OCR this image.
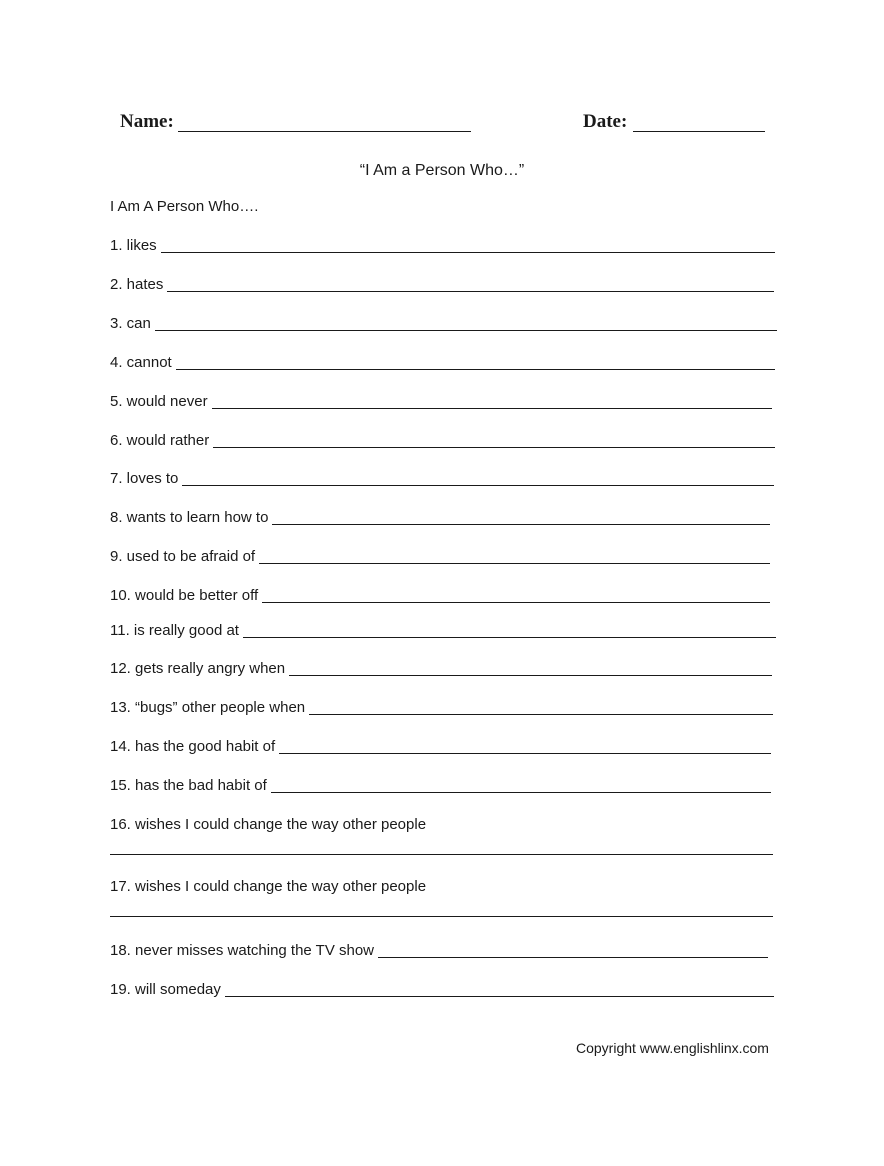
Name:	Date:
“I Am a Person Who…”
I Am A Person Who….
1. likes
2. hates
3. can
4. cannot
5. would never
6. would rather
7. loves to
8. wants to learn how to
9. used to be afraid of
10. would be better off
11. is really good at
12. gets really angry when
13. “bugs” other people when
14. has the good habit of
15. has the bad habit of
16. wishes I could change the way other people
17. wishes I could change the way other people
18. never misses watching the TV show
19. will someday
Copyright www.englishlinx.com
